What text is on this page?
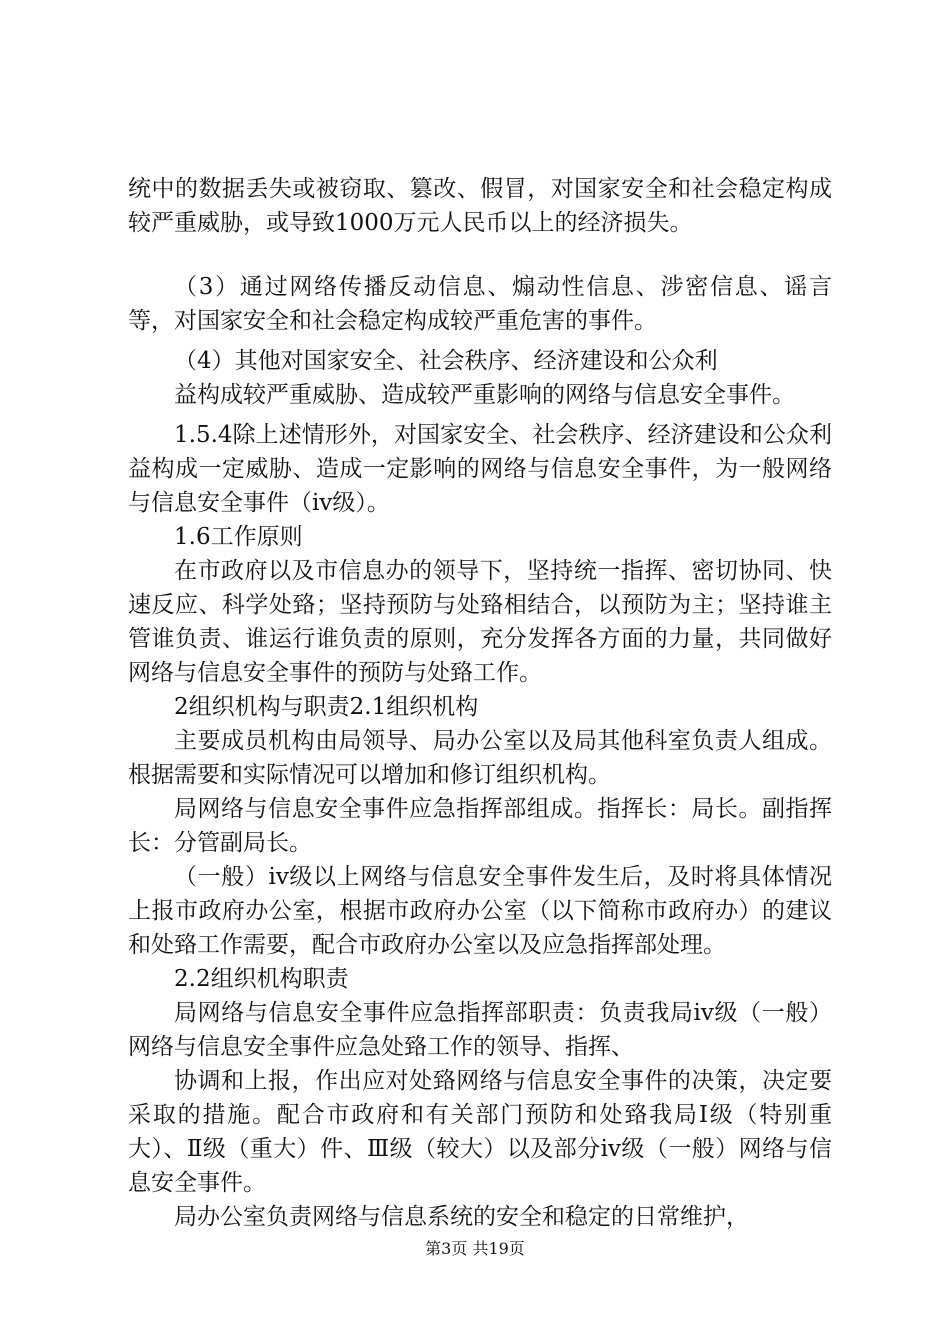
统中的数据丢失或被窃取、篡改、假冒，对国家安全和社会稳定构成较严重威胁，或导致1000万元人民币以上的经济损失。

（3）通过网络传播反动信息、煽动性信息、涉密信息、谣言等，对国家安全和社会稳定构成较严重危害的事件。

（4）其他对国家安全、社会秩序、经济建设和公众利

益构成较严重威胁、造成较严重影响的网络与信息安全事件。

1.5.4除上述情形外，对国家安全、社会秩序、经济建设和公众利益构成一定威胁、造成一定影响的网络与信息安全事件，为一般网络与信息安全事件（iv级）。

1.6工作原则

在市政府以及市信息办的领导下，坚持统一指挥、密切协同、快速反应、科学处臵；坚持预防与处臵相结合，以预防为主；坚持谁主管谁负责、谁运行谁负责的原则，充分发挥各方面的力量，共同做好网络与信息安全事件的预防与处臵工作。

2组织机构与职责2.1组织机构

主要成员机构由局领导、局办公室以及局其他科室负责人组成。根据需要和实际情况可以增加和修订组织机构。

局网络与信息安全事件应急指挥部组成。指挥长：局长。副指挥长：分管副局长。

（一般）iv级以上网络与信息安全事件发生后，及时将具体情况上报市政府办公室，根据市政府办公室（以下简称市政府办）的建议和处臵工作需要，配合市政府办公室以及应急指挥部处理。

2.2组织机构职责

局网络与信息安全事件应急指挥部职责：负责我局iv级（一般）网络与信息安全事件应急处臵工作的领导、指挥、

协调和上报，作出应对处臵网络与信息安全事件的决策，决定要采取的措施。配合市政府和有关部门预防和处臵我局Ⅰ级（特别重大）、Ⅱ级（重大）件、Ⅲ级（较大）以及部分iv级（一般）网络与信息安全事件。

局办公室负责网络与信息系统的安全和稳定的日常维护，

第3页 共19页
